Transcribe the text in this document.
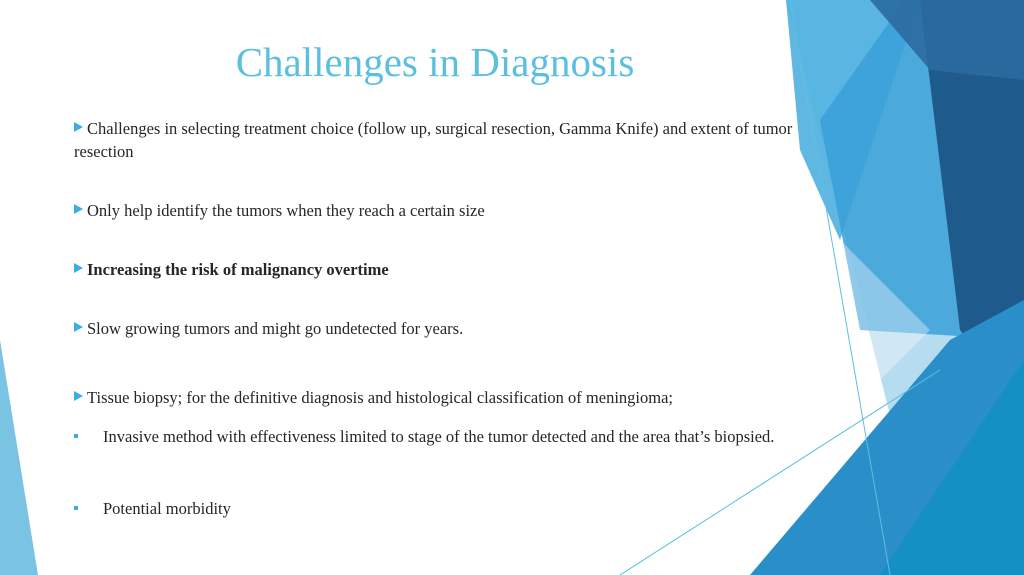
Challenges in Diagnosis
Challenges in selecting treatment choice (follow up, surgical resection, Gamma Knife) and extent of tumor resection
Only help identify the tumors when they reach a certain size
Increasing the risk of malignancy overtime
Slow growing tumors and might go undetected for years.
Tissue biopsy; for the definitive diagnosis and histological classification of meningioma;
Invasive method with effectiveness limited to stage of the tumor detected and the area that’s biopsied.
Potential morbidity
